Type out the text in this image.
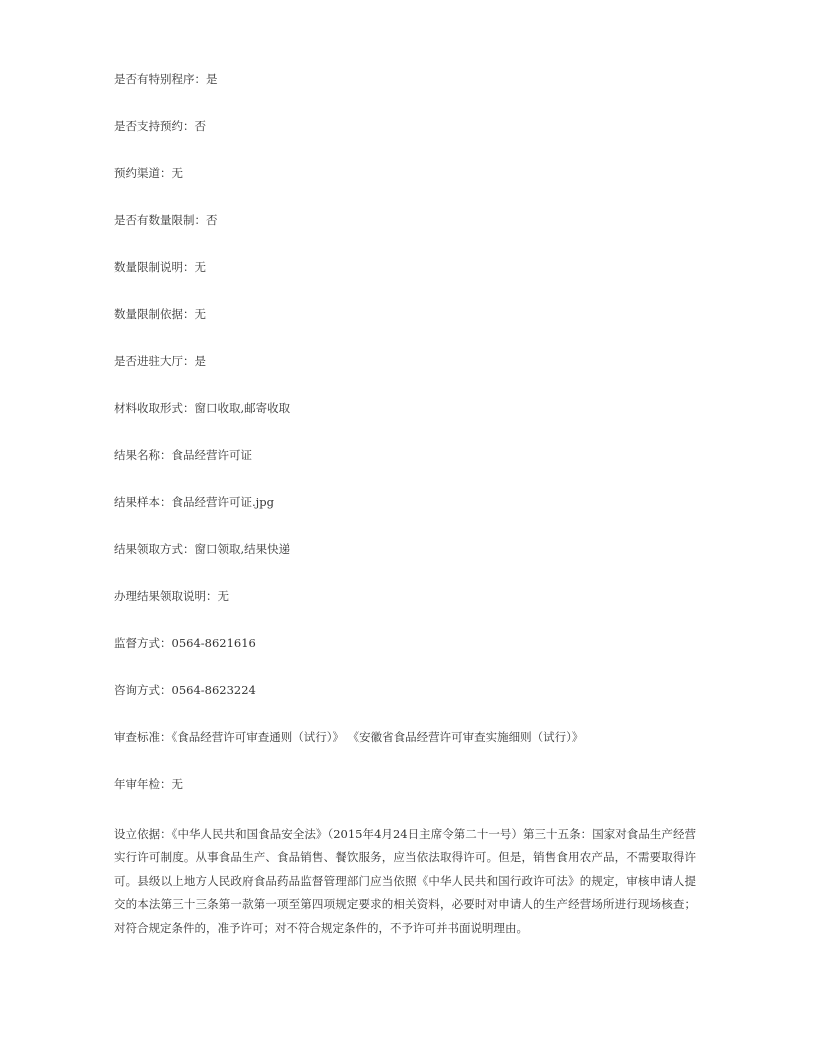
是否有特别程序：是
是否支持预约：否
预约渠道：无
是否有数量限制：否
数量限制说明：无
数量限制依据：无
是否进驻大厅：是
材料收取形式：窗口收取,邮寄收取
结果名称：食品经营许可证
结果样本：食品经营许可证.jpg
结果领取方式：窗口领取,结果快递
办理结果领取说明：无
监督方式：0564-8621616
咨询方式：0564-8623224
审查标准：《食品经营许可审查通则（试行）》 《安徽省食品经营许可审查实施细则（试行）》
年审年检：无
设立依据：《中华人民共和国食品安全法》（2015年4月24日主席令第二十一号）第三十五条：国家对食品生产经营实行许可制度。从事食品生产、食品销售、餐饮服务，应当依法取得许可。但是，销售食用农产品，不需要取得许可。县级以上地方人民政府食品药品监督管理部门应当依照《中华人民共和国行政许可法》的规定，审核申请人提交的本法第三十三条第一款第一项至第四项规定要求的相关资料，必要时对申请人的生产经营场所进行现场核查；对符合规定条件的，准予许可；对不符合规定条件的，不予许可并书面说明理由。
